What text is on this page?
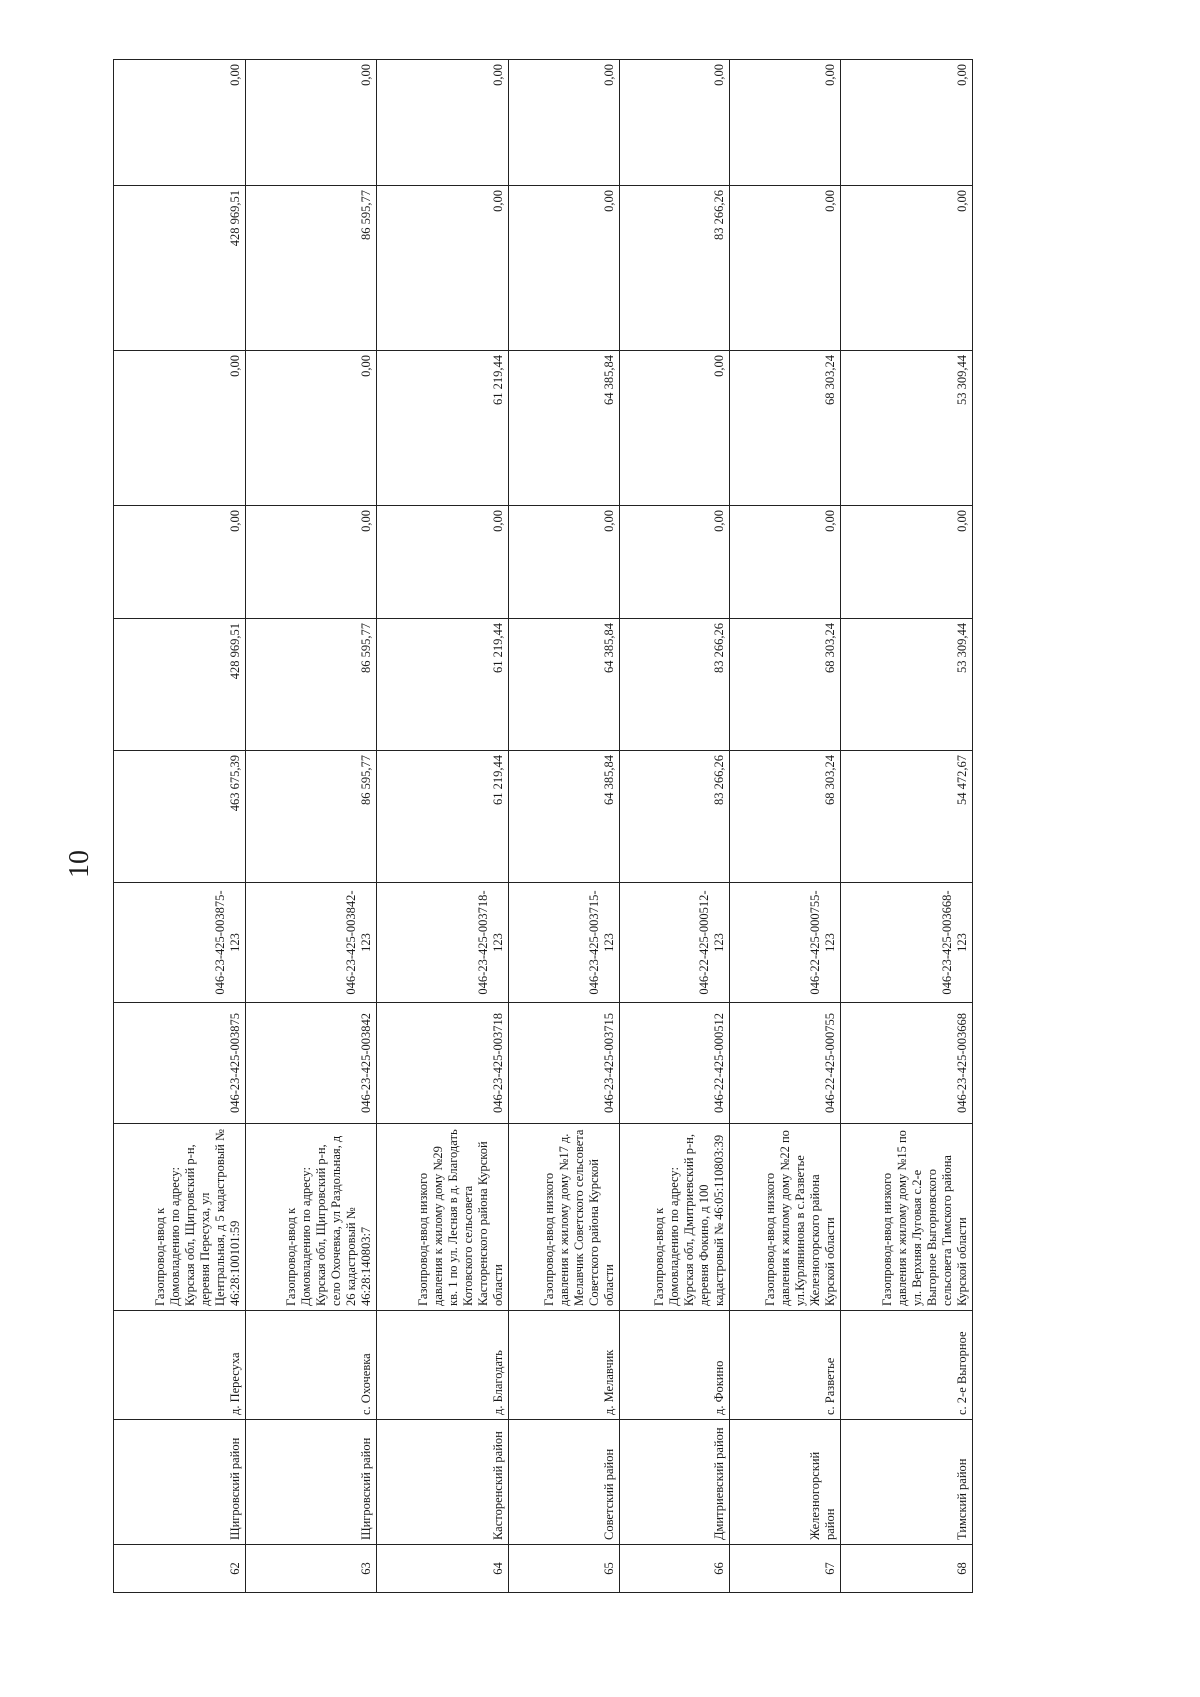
10
62	Щигровский район	д. Пересуха	Газопровод-ввод к Домовладению по адресу: Курская обл, Щигровский р-н, деревня Пересуха, ул Центральная, д 5 кадастровый № 46:28:100101:59	046-23-425-003875	046-23-425-003875-123	463 675,39	428 969,51	0,00	0,00	428 969,51	0,00
63	Щигровский район	с. Охочевка	Газопровод-ввод к Домовладению по адресу: Курская обл, Щигровский р-н, село Охочевка, ул Раздольная, д 26 кадастровый № 46:28:140803:7	046-23-425-003842	046-23-425-003842-123	86 595,77	86 595,77	0,00	0,00	86 595,77	0,00
64	Касторенский район	д. Благодать	Газопровод-ввод низкого давления к жилому дому №29 кв. 1 по ул. Лесная в д. Благодать Котовского сельсовета Касторенского района Курской области	046-23-425-003718	046-23-425-003718-123	61 219,44	61 219,44	0,00	61 219,44	0,00	0,00
65	Советский район	д. Мелавчик	Газопровод-ввод низкого давления к жилому дому №17 д. Мелавчик Советского сельсовета Советского района Курской области	046-23-425-003715	046-23-425-003715-123	64 385,84	64 385,84	0,00	64 385,84	0,00	0,00
66	Дмитриевский район	д. Фокино	Газопровод-ввод к Домовладению по адресу: Курская обл, Дмитриевский р-н, деревня Фокино, д 100 кадастровый № 46:05:110803:39	046-22-425-000512	046-22-425-000512-123	83 266,26	83 266,26	0,00	0,00	83 266,26	0,00
67	Железногорский район	с. Разветье	Газопровод-ввод низкого давления к жилому дому №22 по ул.Курлянинова в с.Разветье Железногорского района Курской области	046-22-425-000755	046-22-425-000755-123	68 303,24	68 303,24	0,00	68 303,24	0,00	0,00
68	Тимский район	с. 2-е Выгорное	Газопровод-ввод низкого давления к жилому дому №15 по ул. Верхняя Луговая с.2-е Выгорное Выгорновского сельсовета Тимского района Курской области	046-23-425-003668	046-23-425-003668-123	54 472,67	53 309,44	0,00	53 309,44	0,00	0,00
